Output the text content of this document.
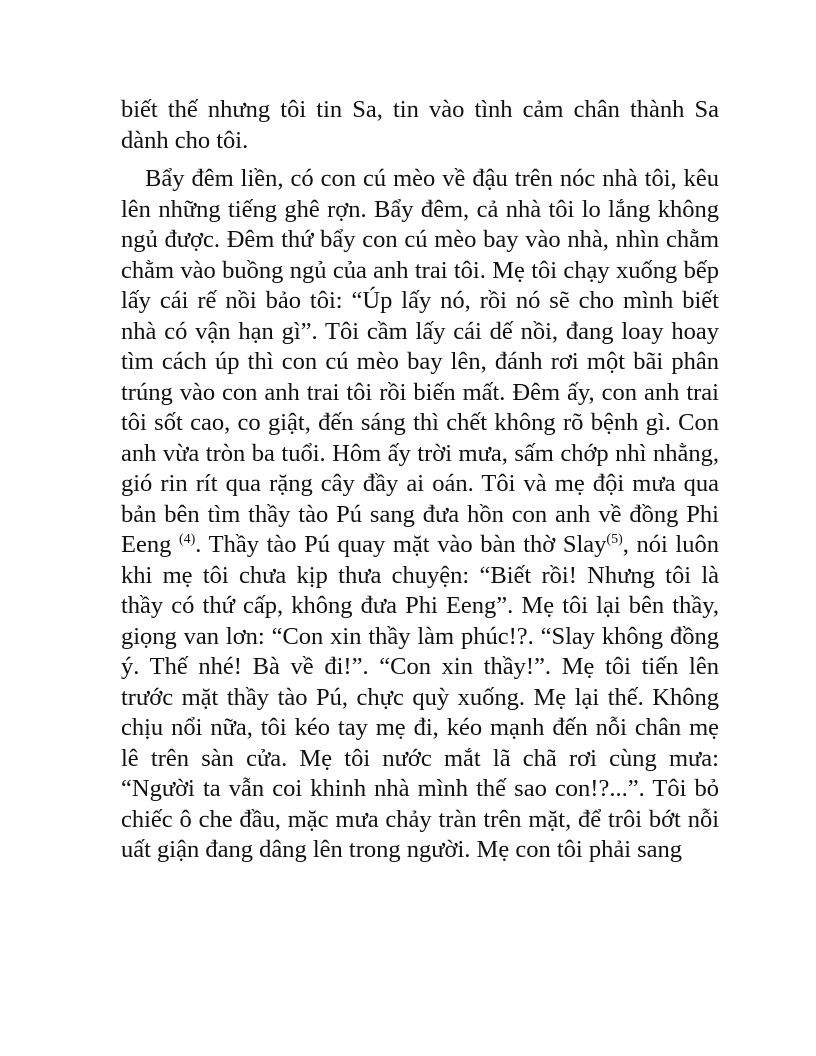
biết thế nhưng tôi tin Sa, tin vào tình cảm chân thành Sa dành cho tôi.

Bẩy đêm liền, có con cú mèo về đậu trên nóc nhà tôi, kêu lên những tiếng ghê rợn. Bẩy đêm, cả nhà tôi lo lắng không ngủ được. Đêm thứ bẩy con cú mèo bay vào nhà, nhìn chằm chằm vào buồng ngủ của anh trai tôi. Mẹ tôi chạy xuống bếp lấy cái rế nồi bảo tôi: “Úp lấy nó, rồi nó sẽ cho mình biết nhà có vận hạn gì”. Tôi cầm lấy cái dế nồi, đang loay hoay tìm cách úp thì con cú mèo bay lên, đánh rơi một bãi phân trúng vào con anh trai tôi rồi biến mất. Đêm ấy, con anh trai tôi sốt cao, co giật, đến sáng thì chết không rõ bệnh gì. Con anh vừa tròn ba tuổi. Hôm ấy trời mưa, sấm chớp nhì nhằng, gió rin rít qua rặng cây đầy ai oán. Tôi và mẹ đội mưa qua bản bên tìm thầy tào Pú sang đưa hồn con anh về đồng Phi Eeng $^{(4)}$. Thầy tào Pú quay mặt vào bàn thờ Slay$^{(5)}$, nói luôn khi mẹ tôi chưa kịp thưa chuyện: “Biết rồi! Nhưng tôi là thầy có thứ cấp, không đưa Phi Eeng”. Mẹ tôi lại bên thầy, giọng van lơn: “Con xin thầy làm phúc!?. “Slay không đồng ý. Thế nhé! Bà về đi!”. “Con xin thầy!”. Mẹ tôi tiến lên trước mặt thầy tào Pú, chực quỳ xuống. Mẹ lại thế. Không chịu nổi nữa, tôi kéo tay mẹ đi, kéo mạnh đến nỗi chân mẹ lê trên sàn cửa. Mẹ tôi nước mắt lã chã rơi cùng mưa: “Người ta vẫn coi khinh nhà mình thế sao con!?...”. Tôi bỏ chiếc ô che đầu, mặc mưa chảy tràn trên mặt, để trôi bớt nỗi uất giận đang dâng lên trong người. Mẹ con tôi phải sang
